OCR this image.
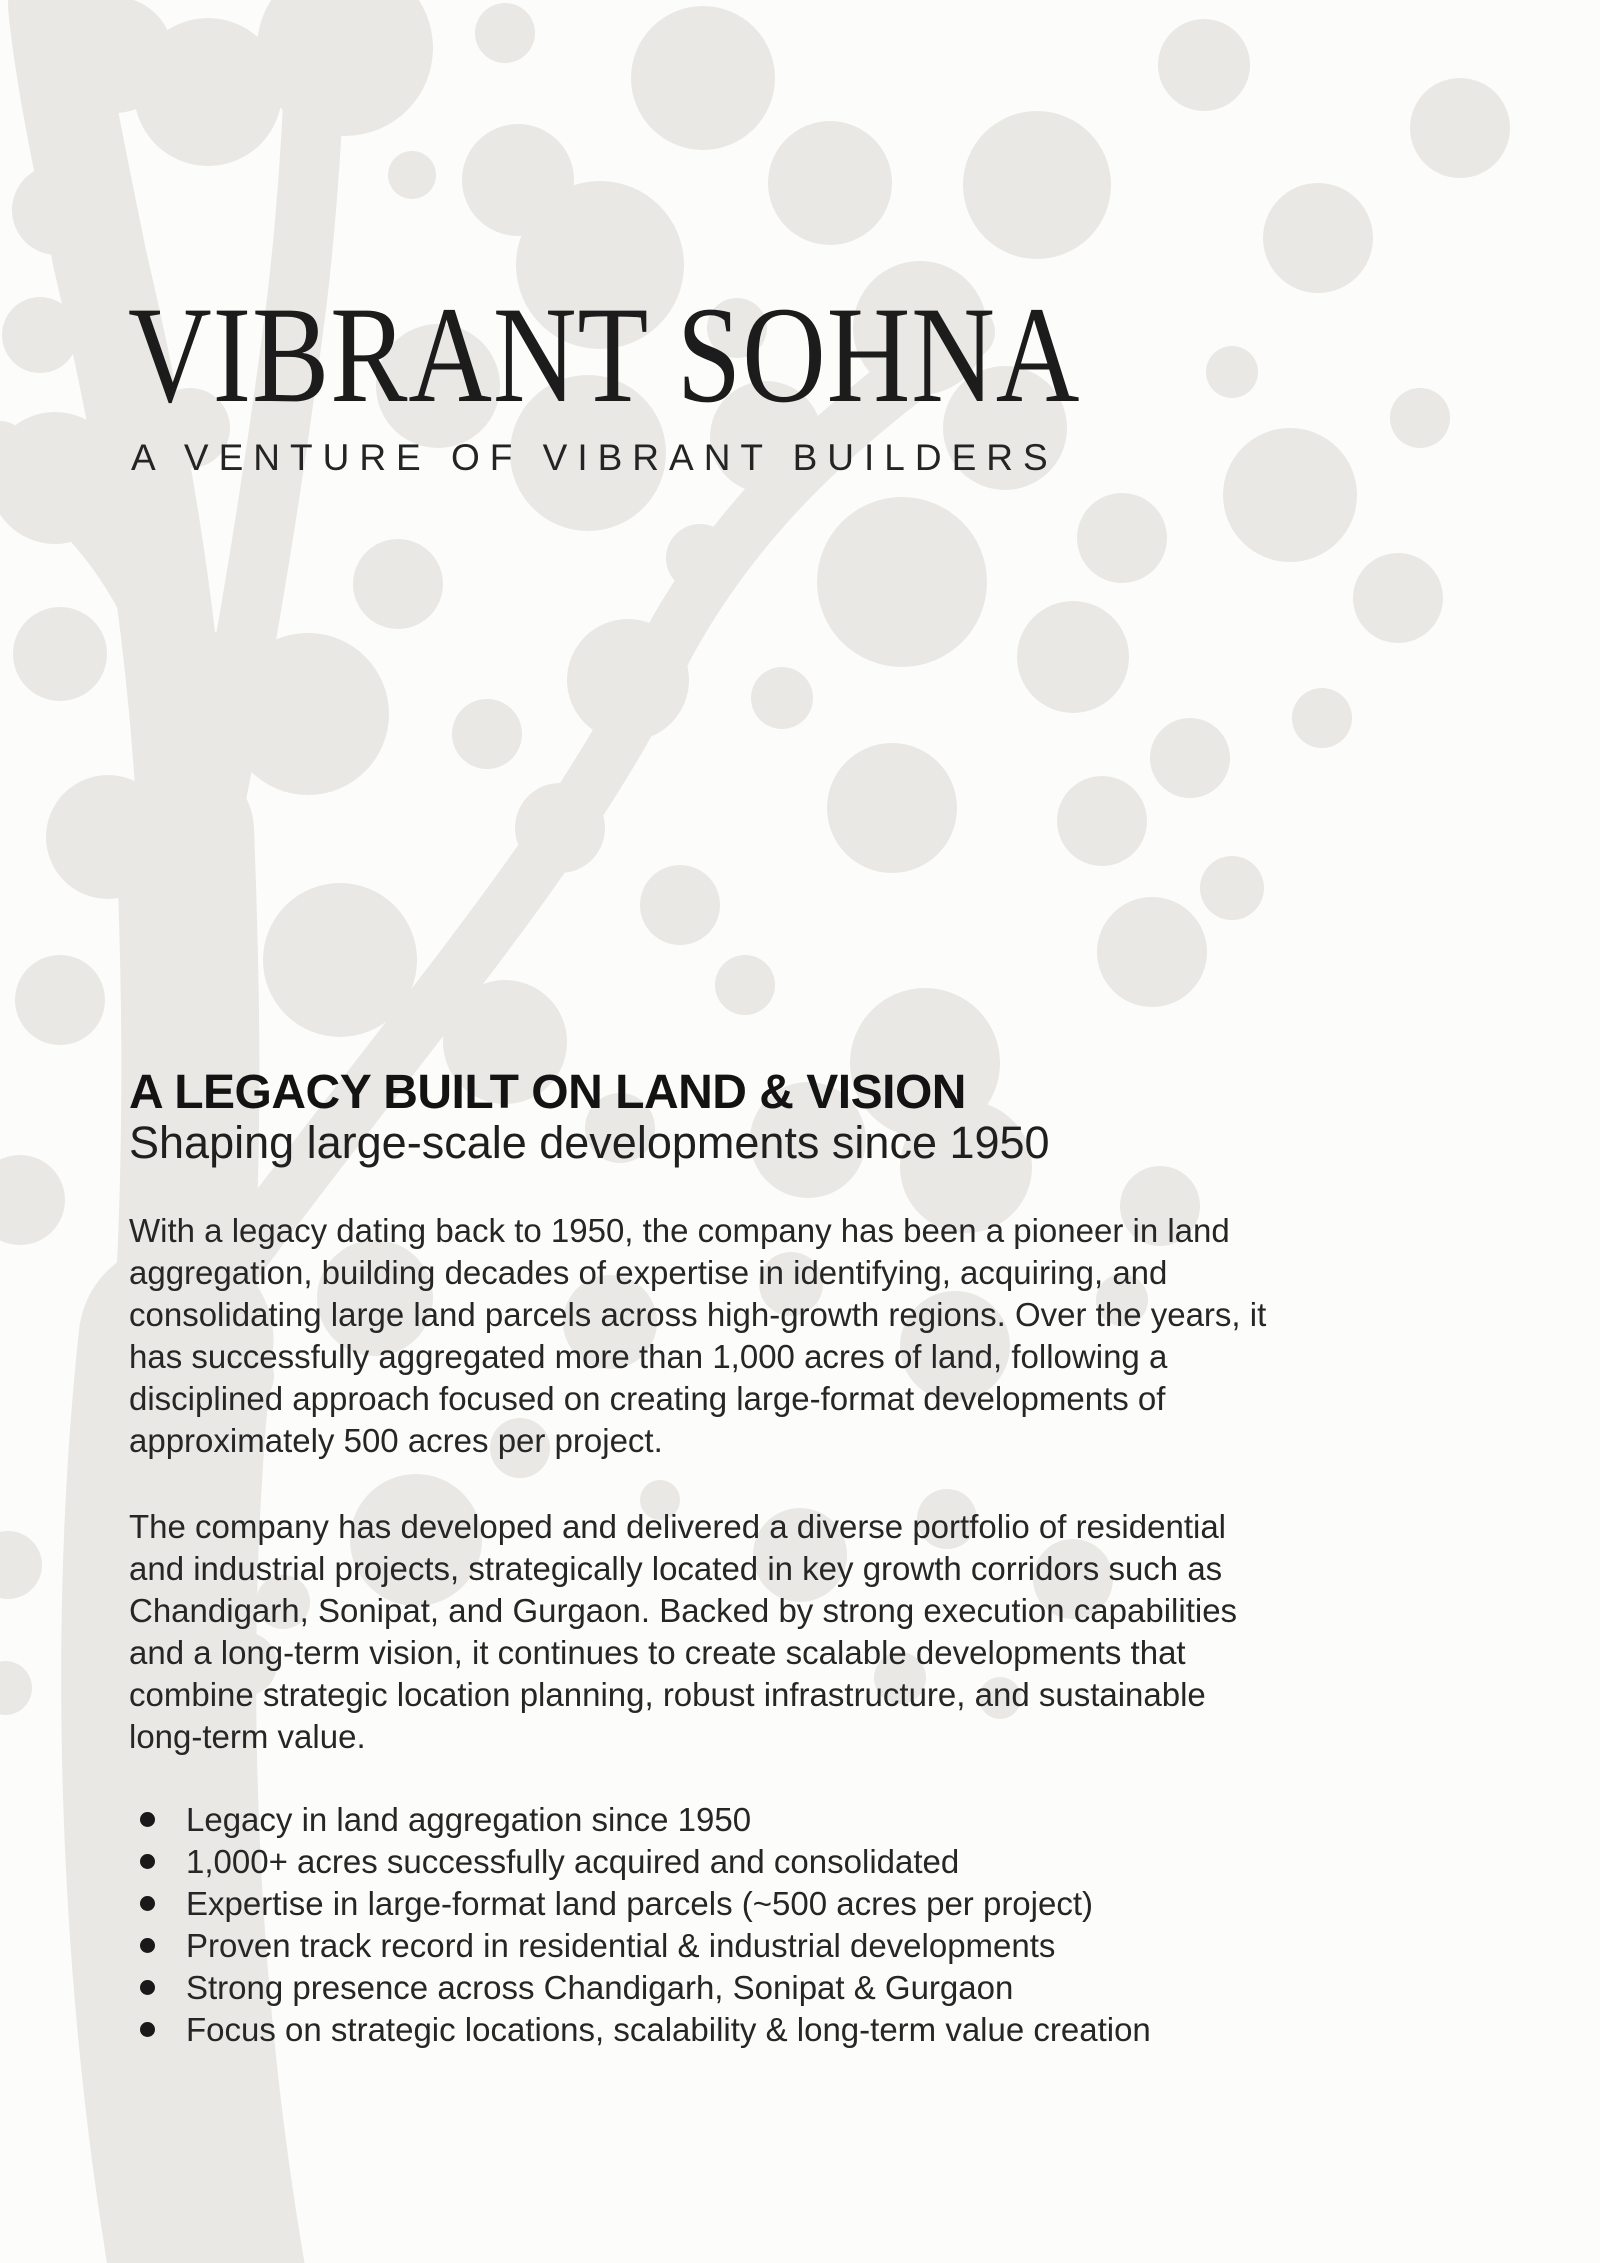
VIBRANT SOHNA
A VENTURE OF VIBRANT BUILDERS
A LEGACY BUILT ON LAND & VISION
Shaping large-scale developments since 1950

With a legacy dating back to 1950, the company has been a pioneer in land aggregation, building decades of expertise in identifying, acquiring, and consolidating large land parcels across high-growth regions. Over the years, it has successfully aggregated more than 1,000 acres of land, following a disciplined approach focused on creating large-format developments of approximately 500 acres per project.

The company has developed and delivered a diverse portfolio of residential and industrial projects, strategically located in key growth corridors such as Chandigarh, Sonipat, and Gurgaon. Backed by strong execution capabilities and a long-term vision, it continues to create scalable developments that combine strategic location planning, robust infrastructure, and sustainable long-term value.

Legacy in land aggregation since 1950
1,000+ acres successfully acquired and consolidated
Expertise in large-format land parcels (~500 acres per project)
Proven track record in residential & industrial developments
Strong presence across Chandigarh, Sonipat & Gurgaon
Focus on strategic locations, scalability & long-term value creation
